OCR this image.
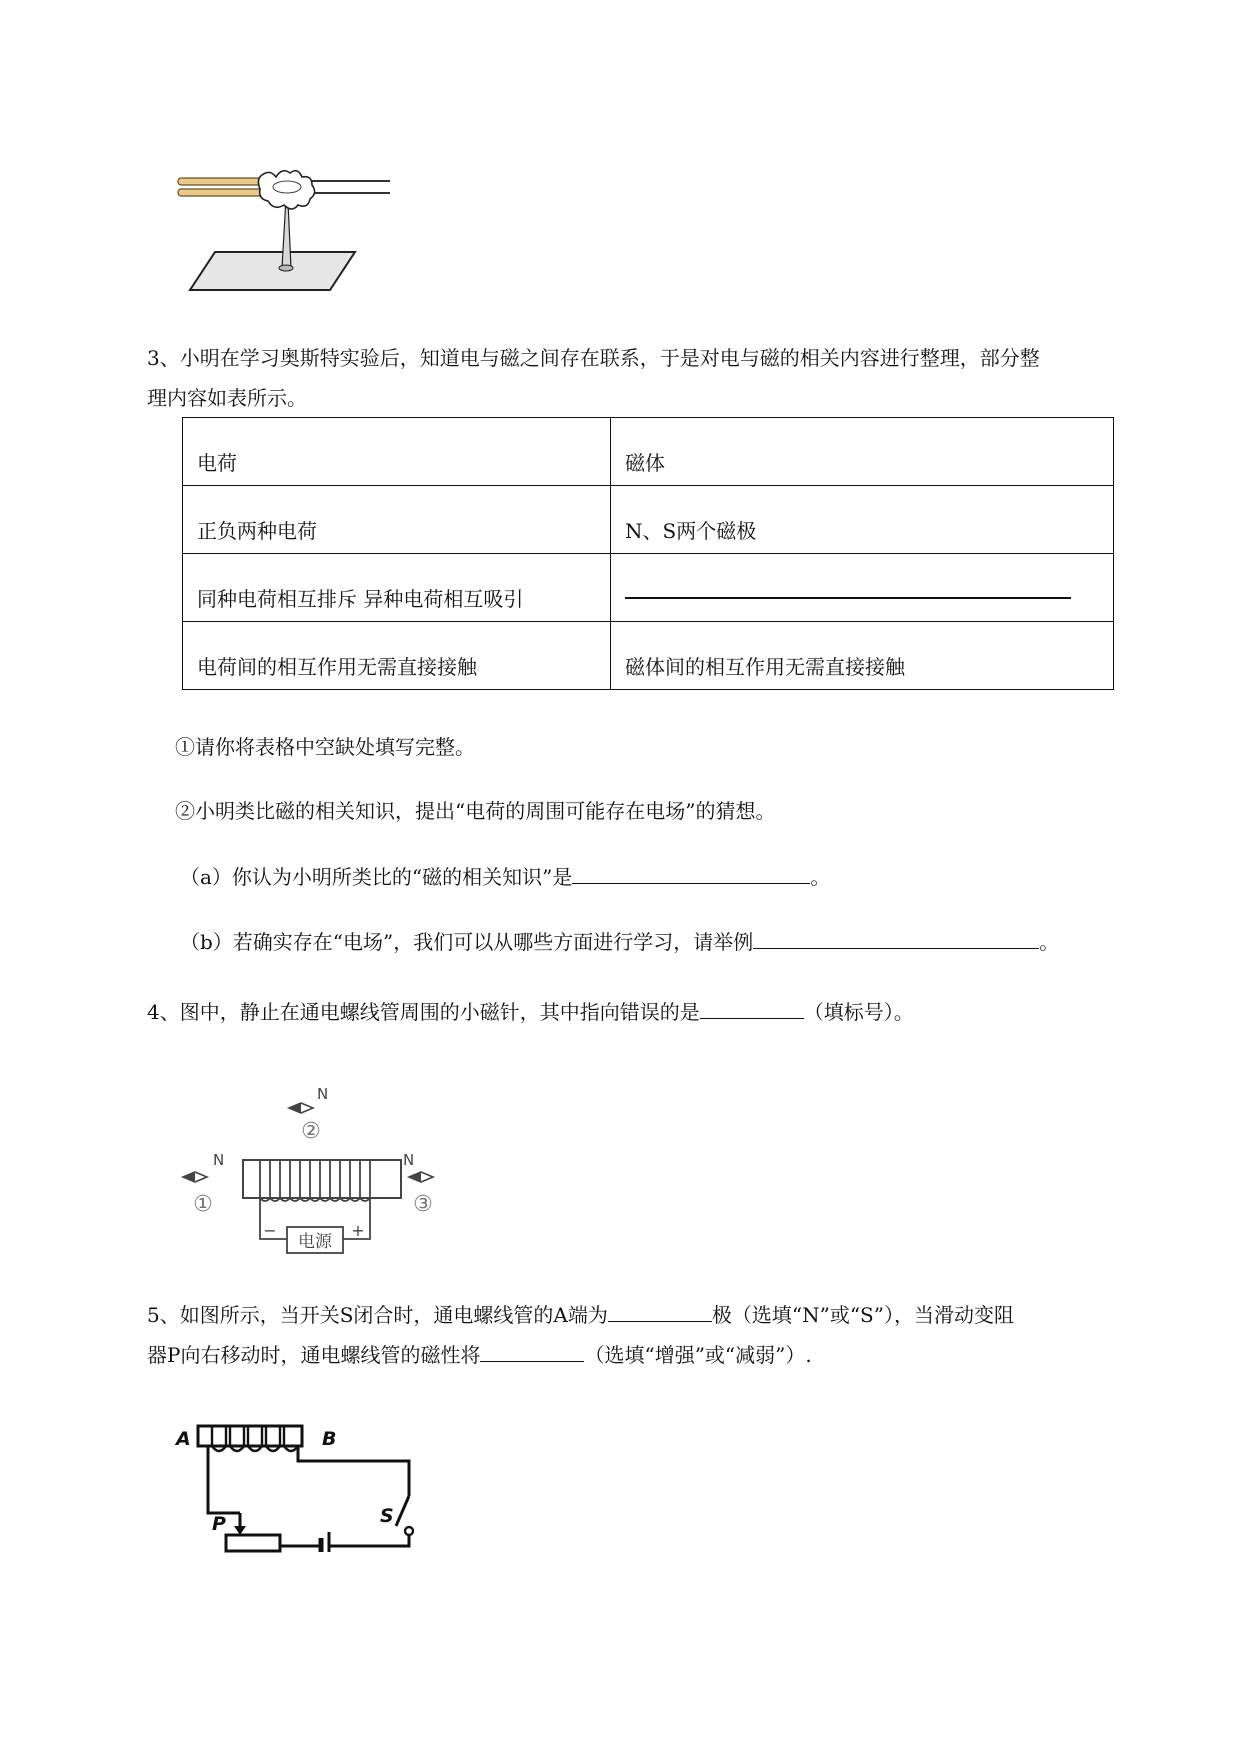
3、小明在学习奥斯特实验后，知道电与磁之间存在联系，于是对电与磁的相关内容进行整理，部分整
理内容如表所示。
电荷	磁体
正负两种电荷	N、S两个磁极
同种电荷相互排斥 异种电荷相互吸引	

电荷间的相互作用无需直接接触	磁体间的相互作用无需直接接触
①请你将表格中空缺处填写完整。
②小明类比磁的相关知识，提出“电荷的周围可能存在电场”的猜想。
（a）你认为小明所类比的“磁的相关知识”是	。
（b）若确实存在“电场”，我们可以从哪些方面进行学习，请举例	。
4、图中，静止在通电螺线管周围的小磁针，其中指向错误的是	（填标号）。
电源
−	+
N
①
N
②
N
③
5、如图所示，当开关S闭合时，通电螺线管的A端为	极（选填“N”或“S”），当滑动变阻
器P向右移动时，通电螺线管的磁性将	（选填“增强”或“减弱”）.
A	B
S
P
